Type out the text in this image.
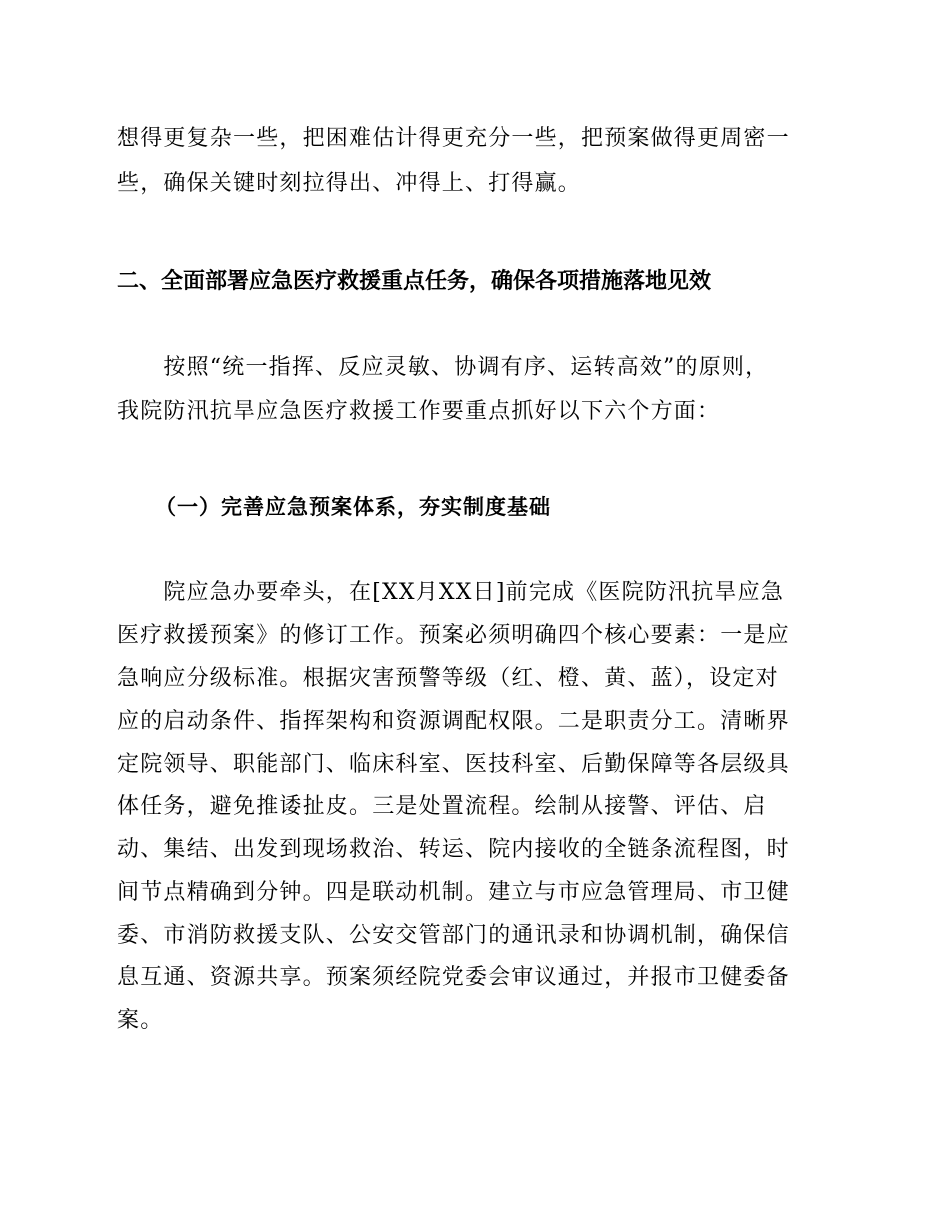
想得更复杂一些，把困难估计得更充分一些，把预案做得更周密一
些，确保关键时刻拉得出、冲得上、打得赢。
二、全面部署应急医疗救援重点任务，确保各项措施落地见效
　　按照“统一指挥、反应灵敏、协调有序、运转高效”的原则，
我院防汛抗旱应急医疗救援工作要重点抓好以下六个方面：
（一）完善应急预案体系，夯实制度基础
　　院应急办要牵头，在[XX月XX日]前完成《医院防汛抗旱应急
医疗救援预案》的修订工作。预案必须明确四个核心要素：一是应
急响应分级标准。根据灾害预警等级（红、橙、黄、蓝），设定对
应的启动条件、指挥架构和资源调配权限。二是职责分工。清晰界
定院领导、职能部门、临床科室、医技科室、后勤保障等各层级具
体任务，避免推诿扯皮。三是处置流程。绘制从接警、评估、启
动、集结、出发到现场救治、转运、院内接收的全链条流程图，时
间节点精确到分钟。四是联动机制。建立与市应急管理局、市卫健
委、市消防救援支队、公安交管部门的通讯录和协调机制，确保信
息互通、资源共享。预案须经院党委会审议通过，并报市卫健委备
案。
